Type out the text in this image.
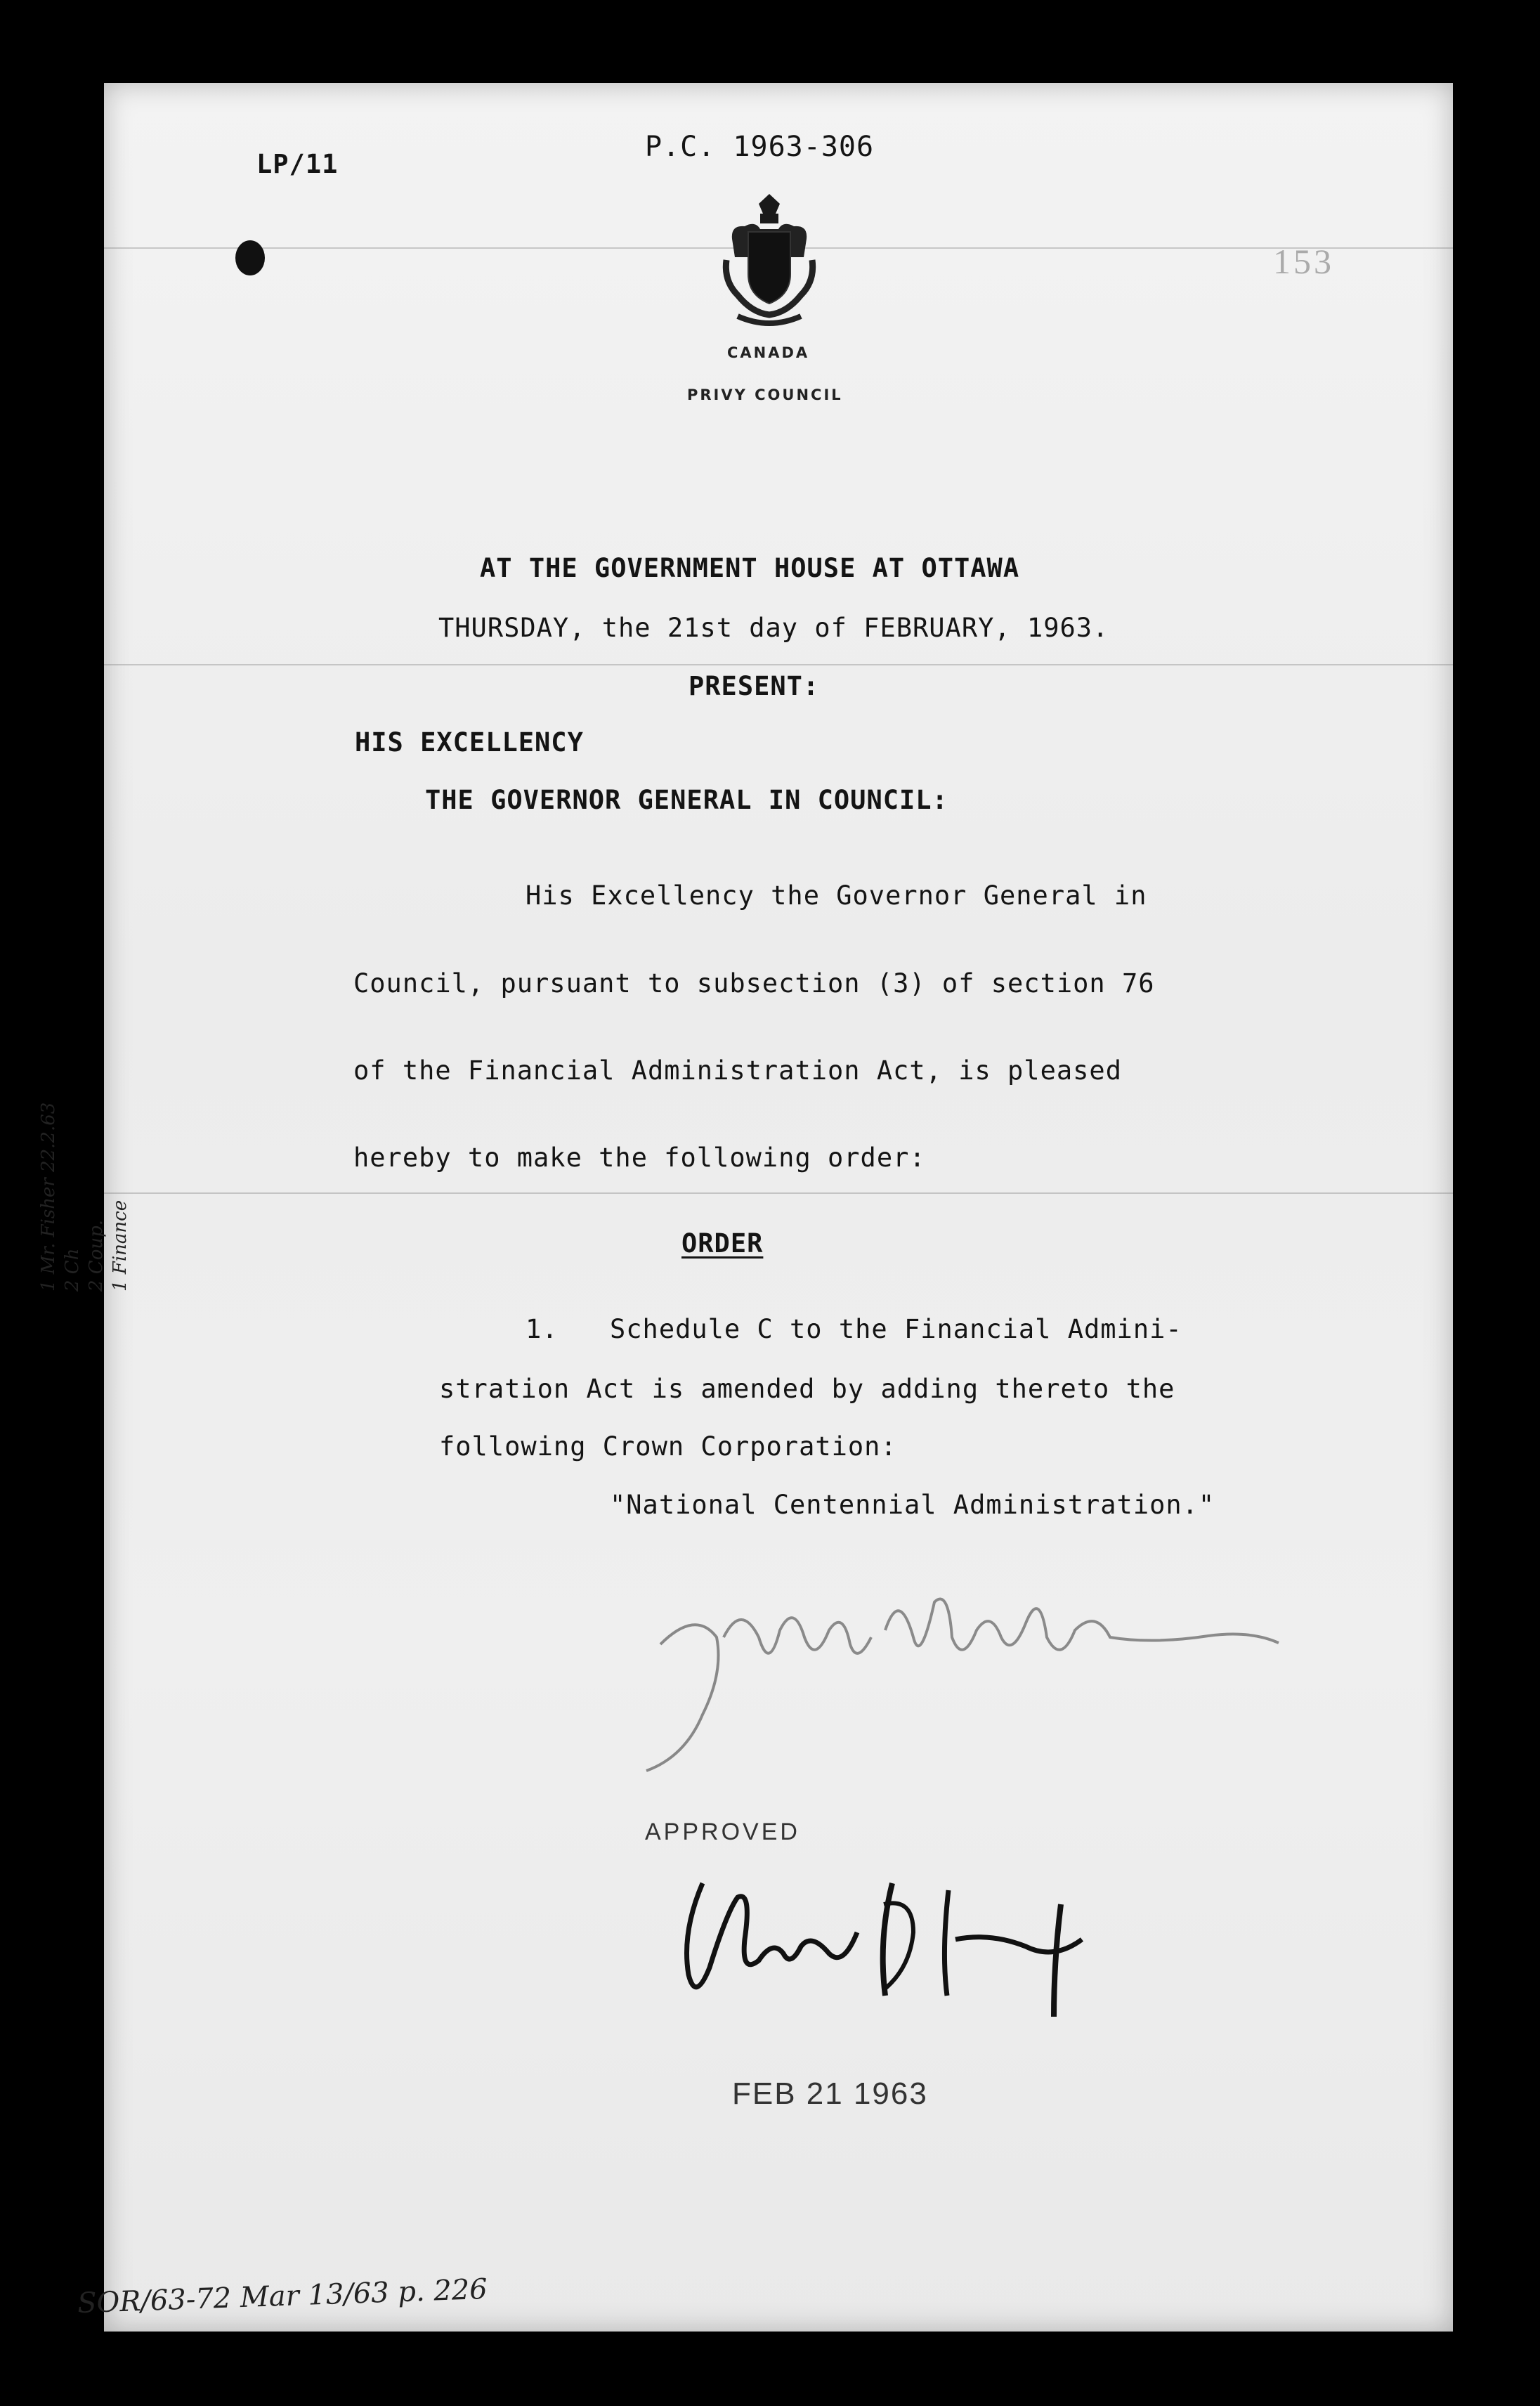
LP/11
P.C. 1963-306
153
CANADA
PRIVY COUNCIL
AT THE GOVERNMENT HOUSE AT OTTAWA
THURSDAY, the 21st day of FEBRUARY, 1963.
PRESENT:
HIS EXCELLENCY
THE GOVERNOR GENERAL IN COUNCIL:
His Excellency the Governor General in
Council, pursuant to subsection (3) of section 76
of the Financial Administration Act, is pleased
hereby to make the following order:
ORDER
1. Schedule C to the Financial Admini-
stration Act is amended by adding thereto the
following Crown Corporation:
"National Centennial Administration."
APPROVED
FEB 21 1963
1 Mr. Fisher 22.2.63 2 Ch 2 Coup. 1 Finance
SOR/63-72 Mar 13/63 p. 226
